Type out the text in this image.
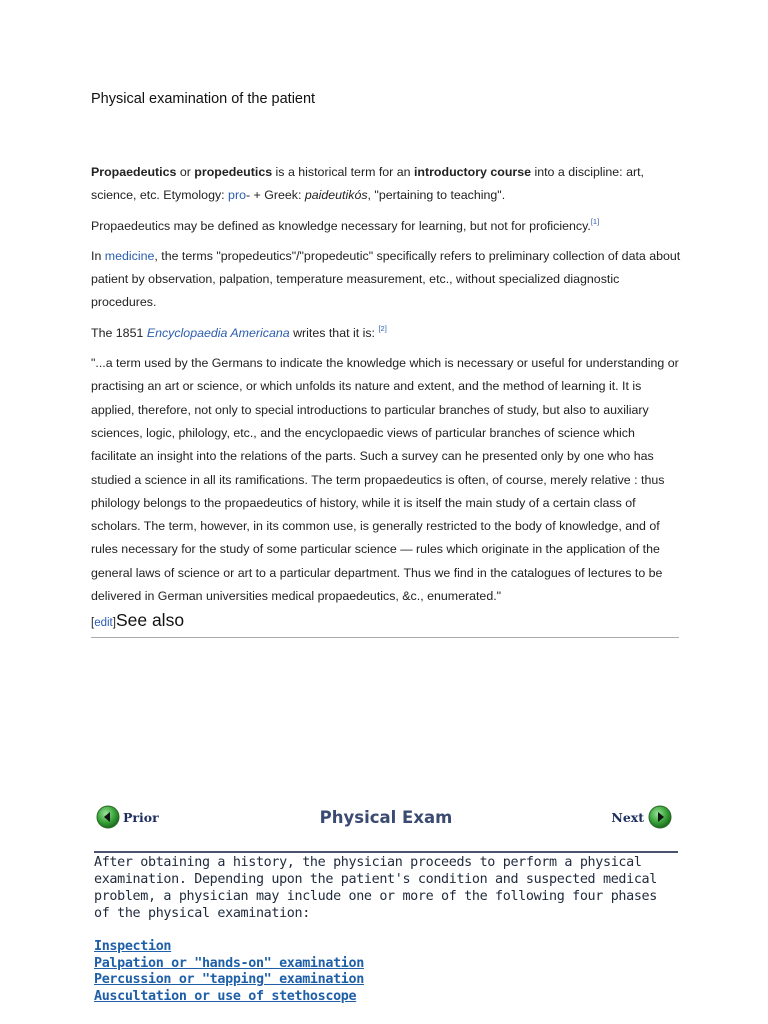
Physical examination of the patient

Propaedeutics or propedeutics is a historical term for an introductory course into a discipline: art, science, etc. Etymology: pro- + Greek: paideutikós, "pertaining to teaching".

Propaedeutics may be defined as knowledge necessary for learning, but not for proficiency.[1]

In medicine, the terms "propedeutics"/"propedeutic" specifically refers to preliminary collection of data about patient by observation, palpation, temperature measurement, etc., without specialized diagnostic procedures.

The 1851 Encyclopaedia Americana writes that it is: [2]

"...a term used by the Germans to indicate the knowledge which is necessary or useful for understanding or practising an art or science, or which unfolds its nature and extent, and the method of learning it. It is applied, therefore, not only to special introductions to particular branches of study, but also to auxiliary sciences, logic, philology, etc., and the encyclopaedic views of particular branches of science which facilitate an insight into the relations of the parts. Such a survey can he presented only by one who has studied a science in all its ramifications. The term propaedeutics is often, of course, merely relative : thus philology belongs to the propaedeutics of history, while it is itself the main study of a certain class of scholars. The term, however, in its common use, is generally restricted to the body of knowledge, and of rules necessary for the study of some particular science — rules which originate in the application of the general laws of science or art to a particular department. Thus we find in the catalogues of lectures to be delivered in German universities medical propaedeutics, &c., enumerated."

[edit]See also
Prior	Physical Exam	Next

After obtaining a history, the physician proceeds to perform a physical examination. Depending upon the patient's condition and suspected medical problem, a physician may include one or more of the following four phases of the physical examination:

Inspection
Palpation or "hands-on" examination
Percussion or "tapping" examination
Auscultation or use of stethoscope
